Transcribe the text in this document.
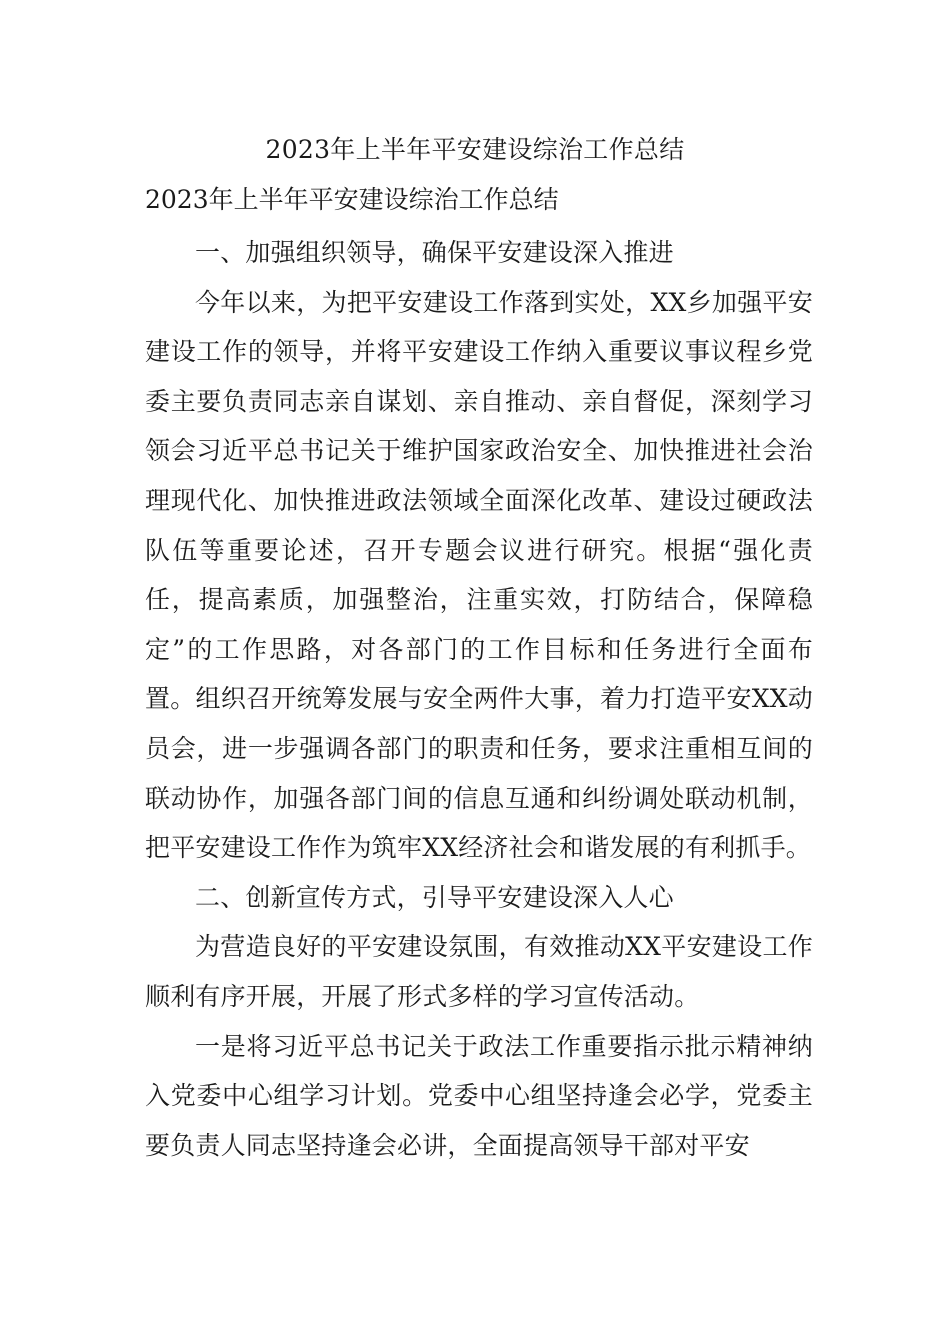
2023年上半年平安建设综治工作总结
2023年上半年平安建设综治工作总结

一、加强组织领导，确保平安建设深入推进

今年以来，为把平安建设工作落到实处，XX乡加强平安建设工作的领导，并将平安建设工作纳入重要议事议程乡党委主要负责同志亲自谋划、亲自推动、亲自督促，深刻学习领会习近平总书记关于维护国家政治安全、加快推进社会治理现代化、加快推进政法领域全面深化改革、建设过硬政法队伍等重要论述，召开专题会议进行研究。根据“强化责任，提高素质，加强整治，注重实效，打防结合，保障稳定”的工作思路，对各部门的工作目标和任务进行全面布置。组织召开统筹发展与安全两件大事，着力打造平安XX动员会，进一步强调各部门的职责和任务，要求注重相互间的联动协作，加强各部门间的信息互通和纠纷调处联动机制，把平安建设工作作为筑牢XX经济社会和谐发展的有利抓手。

二、创新宣传方式，引导平安建设深入人心

为营造良好的平安建设氛围，有效推动XX平安建设工作顺利有序开展，开展了形式多样的学习宣传活动。

一是将习近平总书记关于政法工作重要指示批示精神纳入党委中心组学习计划。党委中心组坚持逢会必学，党委主要负责人同志坚持逢会必讲，全面提高领导干部对平安
